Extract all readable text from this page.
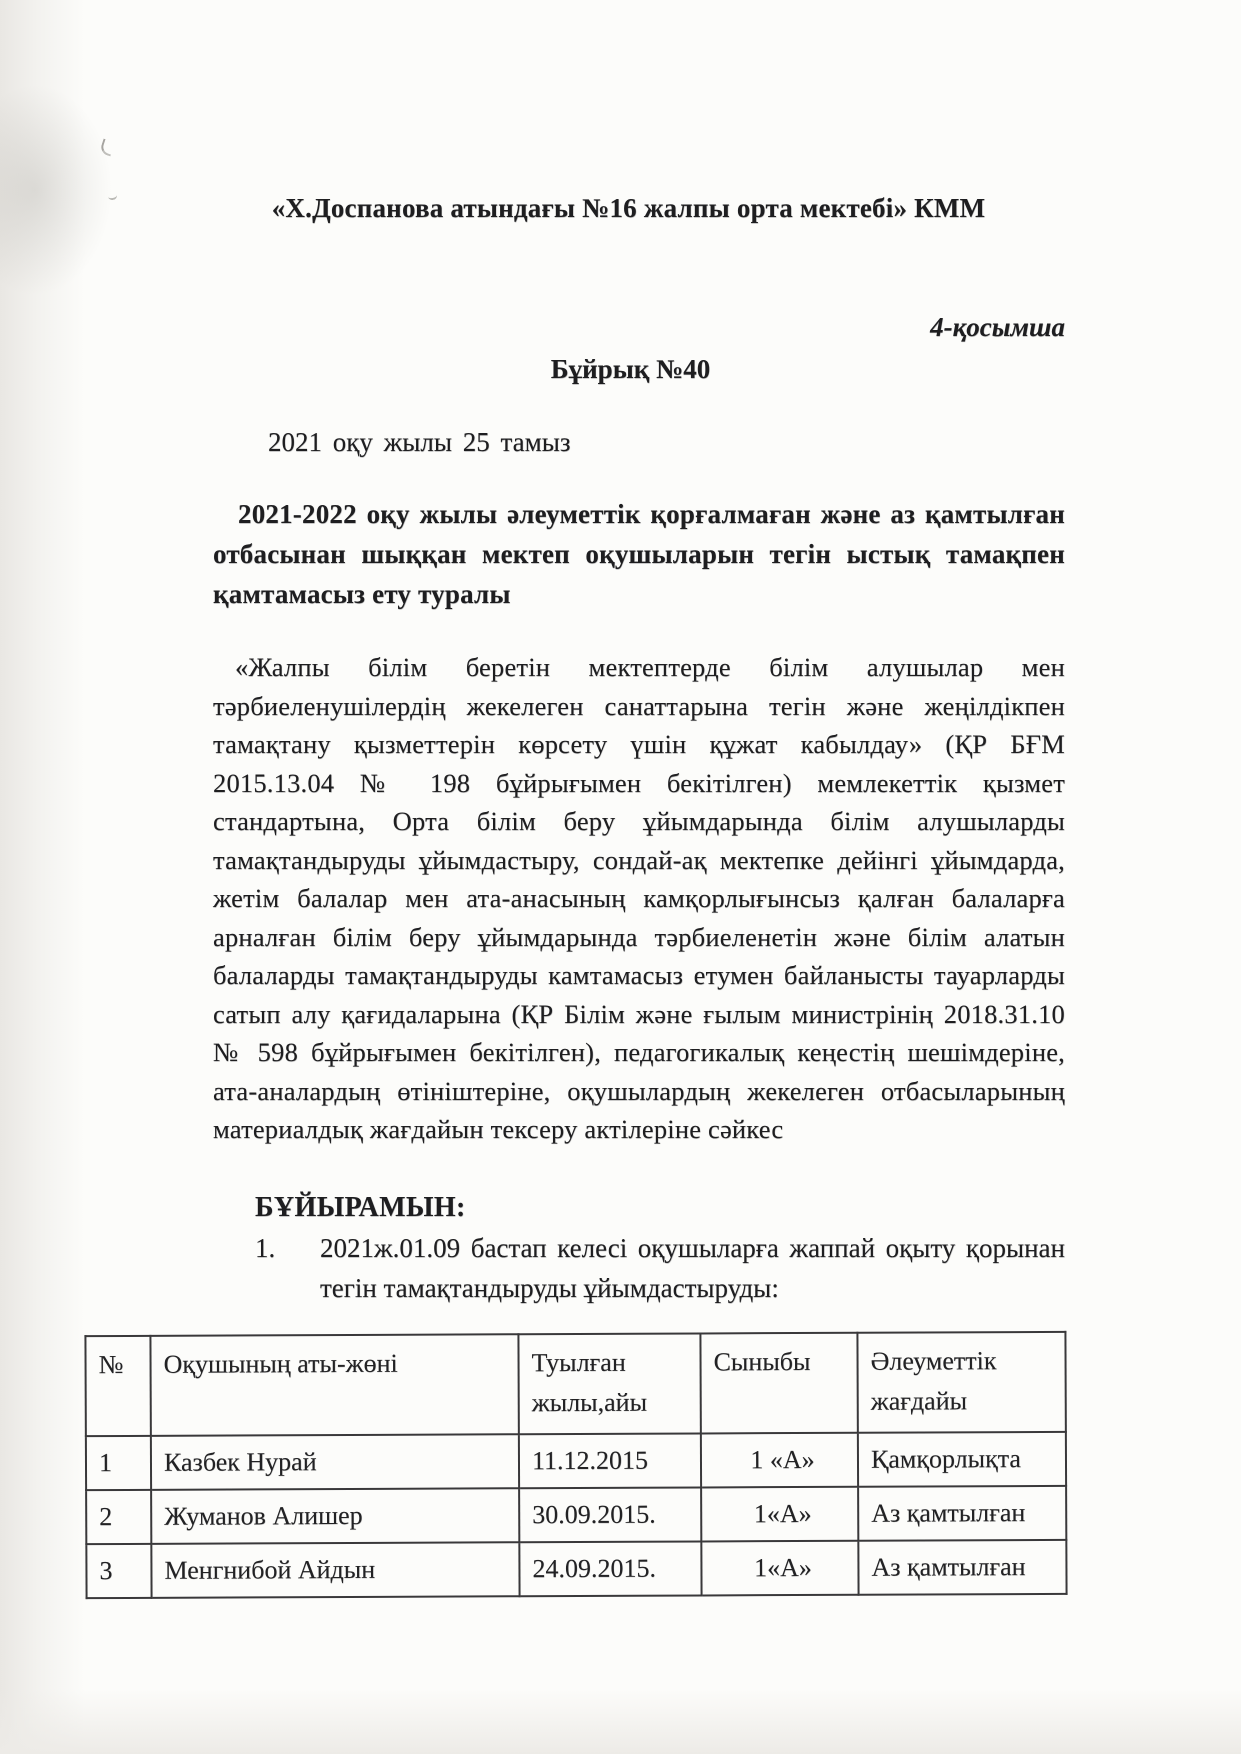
«Х.Доспанова атындағы №16 жалпы орта мектебі» КММ
4-қосымша
Бұйрық №40
2021 оқу жылы 25 тамыз
2021-2022 оқу жылы әлеуметтік қорғалмаған және аз қамтылған
отбасынан шыққан мектеп оқушыларын тегін ыстық тамақпен
қамтамасыз ету туралы
«Жалпы білім беретін мектептерде білім алушылар мен
тәрбиеленушілердің жекелеген санаттарына тегін және жеңілдікпен
тамақтану қызметтерін көрсету үшін құжат кабылдау» (ҚР БҒМ
2015.13.04 № 198 бұйрығымен бекітілген) мемлекеттік қызмет
стандартына, Орта білім беру ұйымдарында білім алушыларды
тамақтандыруды ұйымдастыру, сондай-ақ мектепке дейінгі ұйымдарда,
жетім балалар мен ата-анасының камқорлығынсыз қалған балаларға
арналған білім беру ұйымдарында тәрбиеленетін және білім алатын
балаларды тамақтандыруды камтамасыз етумен байланысты тауарларды
сатып алу қағидаларына (ҚР Білім және ғылым министрінің 2018.31.10
№ 598 бұйрығымен бекітілген), педагогикалық кеңестің шешімдеріне,
ата-аналардың өтініштеріне, оқушылардың жекелеген отбасыларының
материалдық жағдайын тексеру актілеріне сәйкес
БҰЙЫРАМЫН:
1. 2021ж.01.09 бастап келесі оқушыларға жаппай оқыту қорынан
тегін тамақтандыруды ұйымдастыруды:
№	Оқушының аты-жөні	Туылған жылы,айы	Сыныбы	Әлеуметтік жағдайы
1	Казбек Нурай	11.12.2015	1 «А»	Қамқорлықта
2	Жуманов Алишер	30.09.2015.	1«А»	Аз қамтылған
3	Менгнибой Айдын	24.09.2015.	1«А»	Аз қамтылған
